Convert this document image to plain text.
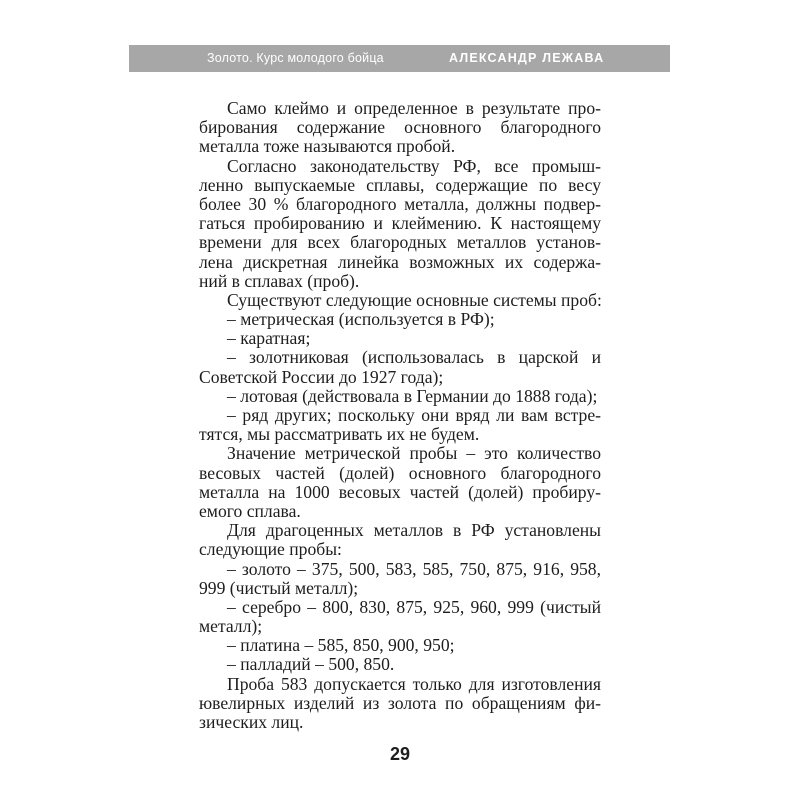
Золото. Курс молодого бойца	АЛЕКСАНДР ЛЕЖАВА
Само клеймо и определенное в результате про-
бирования содержание основного благородного
металла тоже называются пробой.
Согласно законодательству РФ, все промыш-
ленно выпускаемые сплавы, содержащие по весу
более 30 % благородного металла, должны подвер-
гаться пробированию и клеймению. К настоящему
времени для всех благородных металлов установ-
лена дискретная линейка возможных их содержа-
ний в сплавах (проб).
Существуют следующие основные системы проб:
– метрическая (используется в РФ);
– каратная;
– золотниковая (использовалась в царской и
Советской России до 1927 года);
– лотовая (действовала в Германии до 1888 года);
– ряд других; поскольку они вряд ли вам встре-
тятся, мы рассматривать их не будем.
Значение метрической пробы – это количество
весовых частей (долей) основного благородного
металла на 1000 весовых частей (долей) пробиру-
емого сплава.
Для драгоценных металлов в РФ установлены
следующие пробы:
– золото – 375, 500, 583, 585, 750, 875, 916, 958,
999 (чистый металл);
– серебро – 800, 830, 875, 925, 960, 999 (чистый
металл);
– платина – 585, 850, 900, 950;
– палладий – 500, 850.
Проба 583 допускается только для изготовления
ювелирных изделий из золота по обращениям фи-
зических лиц.
29
